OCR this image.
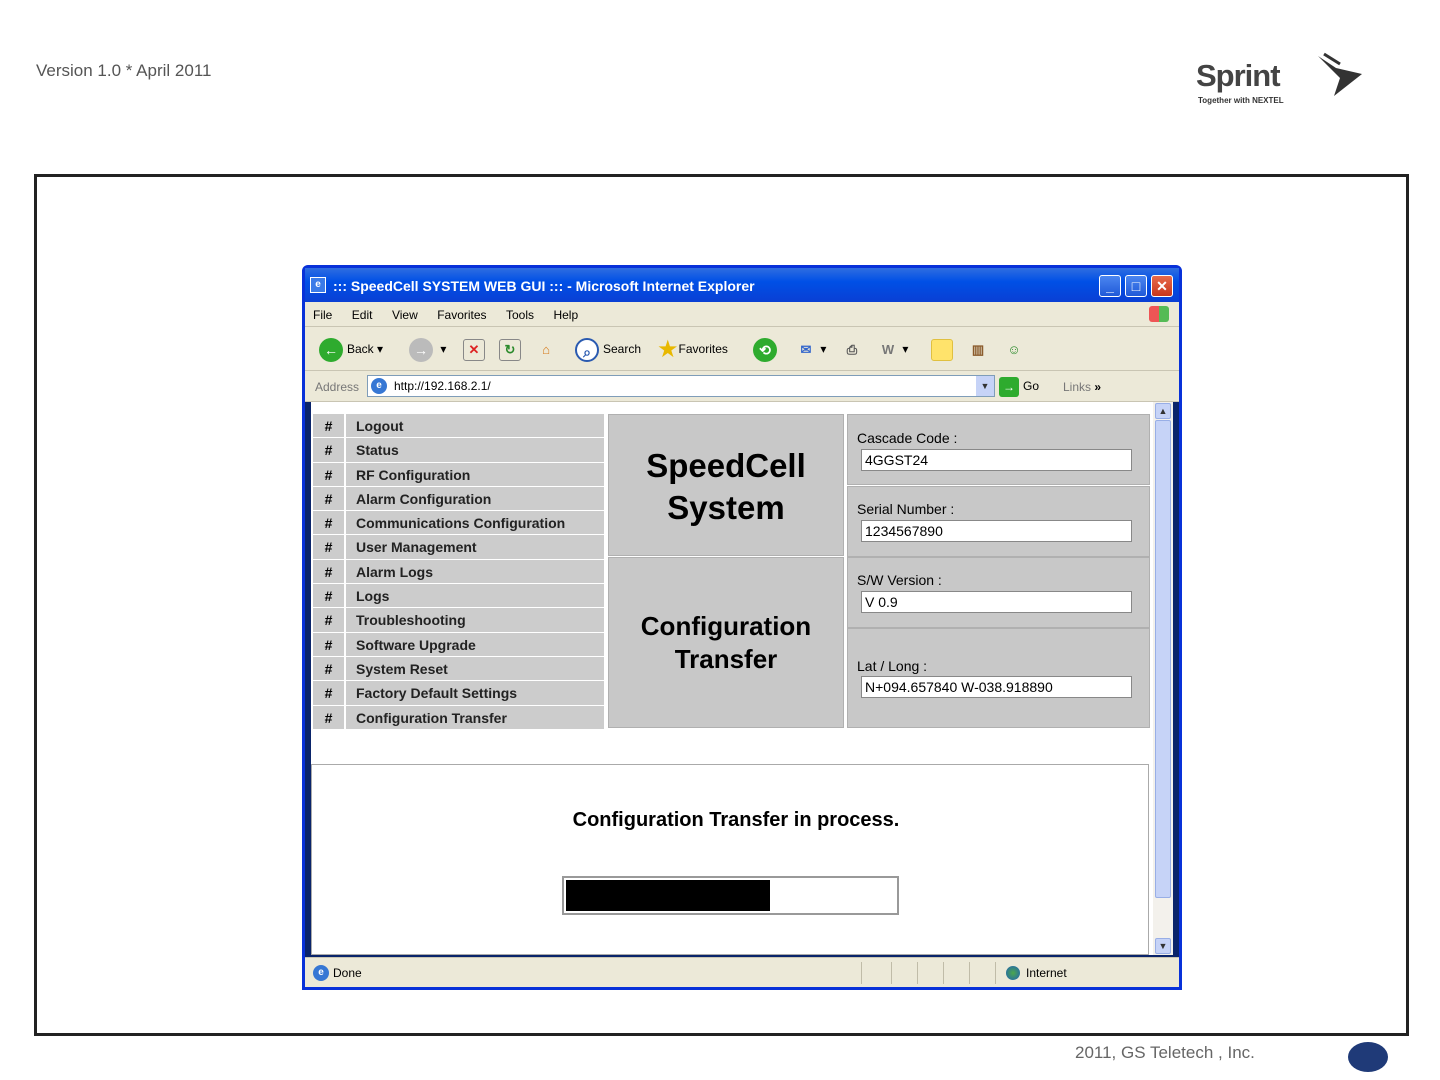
Version 1.0 * April 2011	Sprint
Together with NEXTEL
2011, GS Teletech , Inc.
e ::: SpeedCell SYSTEM WEB GUI ::: - Microsoft Internet Explorer	_	□	✕
File Edit View Favorites Tools Help
← Back ▾	→ ▾	✕	↻	⌂	⌕ Search ★Favorites	⟲	✉ ▾	⎙	W ▾	▥	☺
Address	e	http://192.168.2.1/	▼	→ Go Links »
#	Logout
#	Status
#	RF Configuration
#	Alarm Configuration
#	Communications Configuration
#	User Management
#	Alarm Logs
#	Logs
#	Troubleshooting
#	Software Upgrade
#	System Reset
#	Factory Default Settings
#	Configuration Transfer
SpeedCell
System
Configuration
Transfer
Cascade Code :
4GGST24
Serial Number :
1234567890
S/W Version :
V 0.9
Lat / Long :
N+094.657840 W-038.918890
Configuration Transfer in process.
▲
▼
e Done	Internet
